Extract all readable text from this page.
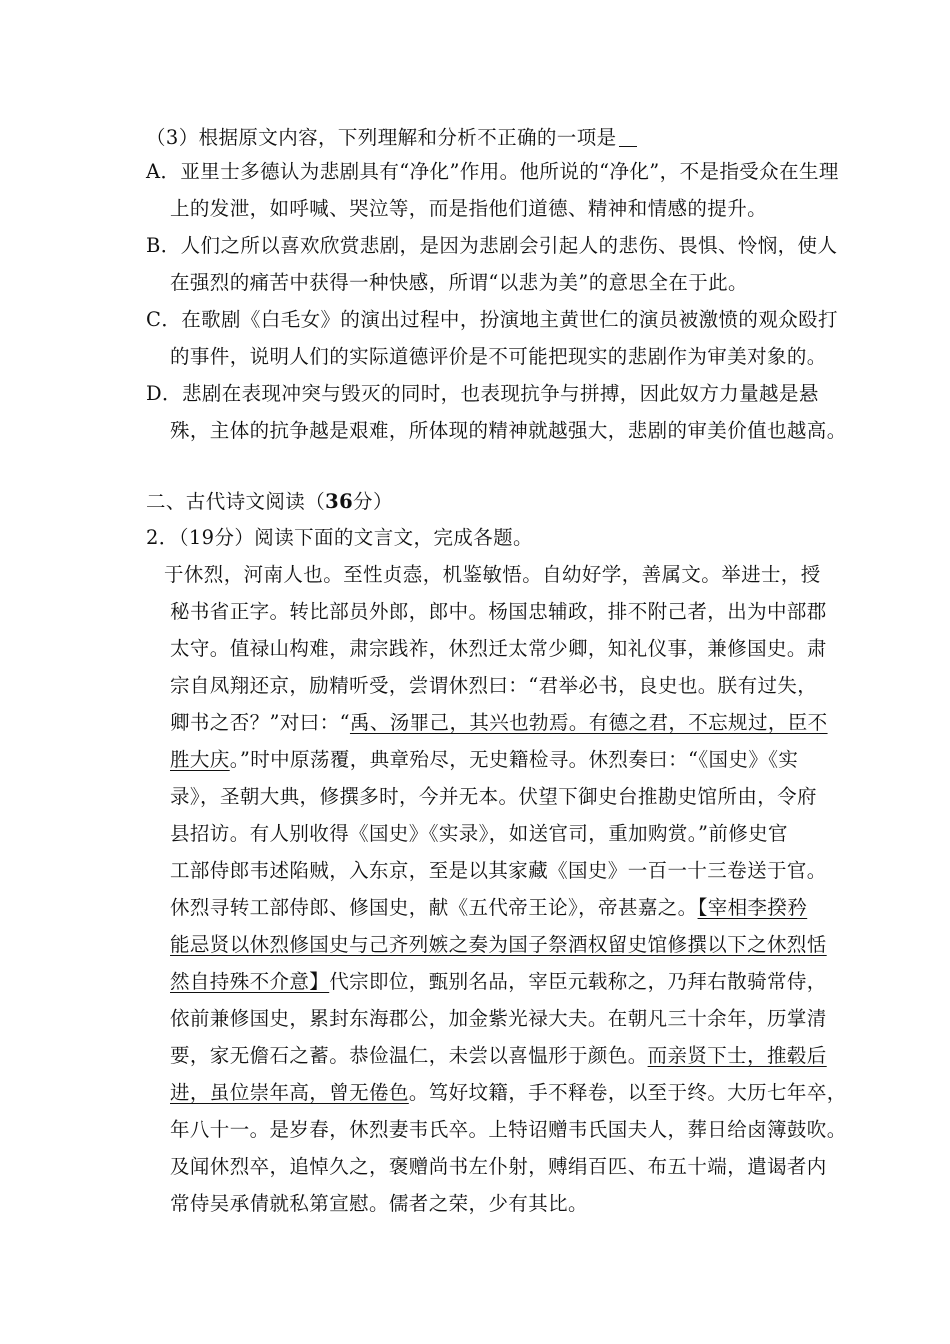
（3）根据原文内容，下列理解和分析不正确的一项是
A．亚里士多德认为悲剧具有“净化”作用。他所说的“净化”，不是指受众在生理
上的发泄，如呼喊、哭泣等，而是指他们道德、精神和情感的提升。
B．人们之所以喜欢欣赏悲剧，是因为悲剧会引起人的悲伤、畏惧、怜悯，使人
在强烈的痛苦中获得一种快感，所谓“以悲为美”的意思全在于此。
C．在歌剧《白毛女》的演出过程中，扮演地主黄世仁的演员被激愤的观众殴打
的事件，说明人们的实际道德评价是不可能把现实的悲剧作为审美对象的。
D．悲剧在表现冲突与毁灭的同时，也表现抗争与拼搏，因此奴方力量越是悬
殊，主体的抗争越是艰难，所体现的精神就越强大，悲剧的审美价值也越高。
二、古代诗文阅读（36分）
2．（19分）阅读下面的文言文，完成各题。
于休烈，河南人也。至性贞悫，机鉴敏悟。自幼好学，善属文。举进士，授
秘书省正字。转比部员外郎，郎中。杨国忠辅政，排不附己者，出为中部郡
太守。值禄山构难，肃宗践祚，休烈迁太常少卿，知礼仪事，兼修国史。肃
宗自凤翔还京，励精听受，尝谓休烈曰：“君举必书，良史也。朕有过失，
卿书之否？”对曰：“禹、汤罪己，其兴也勃焉。有德之君，不忘规过，臣不
胜大庆。”时中原荡覆，典章殆尽，无史籍检寻。休烈奏曰：“《国史》《实
录》，圣朝大典，修撰多时，今并无本。伏望下御史台推勘史馆所由，令府
县招访。有人别收得《国史》《实录》，如送官司，重加购赏。”前修史官
工部侍郎韦述陷贼，入东京，至是以其家藏《国史》一百一十三卷送于官。
休烈寻转工部侍郎、修国史，献《五代帝王论》，帝甚嘉之。【宰相李揆矜
能忌贤以休烈修国史与己齐列嫉之奏为国子祭酒权留史馆修撰以下之休烈恬
然自持殊不介意】代宗即位，甄别名品，宰臣元载称之，乃拜右散骑常侍，
依前兼修国史，累封东海郡公，加金紫光禄大夫。在朝凡三十余年，历掌清
要，家无儋石之蓄。恭俭温仁，未尝以喜愠形于颜色。而亲贤下士，推毂后
进，虽位崇年高，曾无倦色。笃好坟籍，手不释卷，以至于终。大历七年卒，
年八十一。是岁春，休烈妻韦氏卒。上特诏赠韦氏国夫人，葬日给卤簿鼓吹。
及闻休烈卒，追悼久之，褒赠尚书左仆射，赙绢百匹、布五十端，遣谒者内
常侍吴承倩就私第宣慰。儒者之荣，少有其比。
